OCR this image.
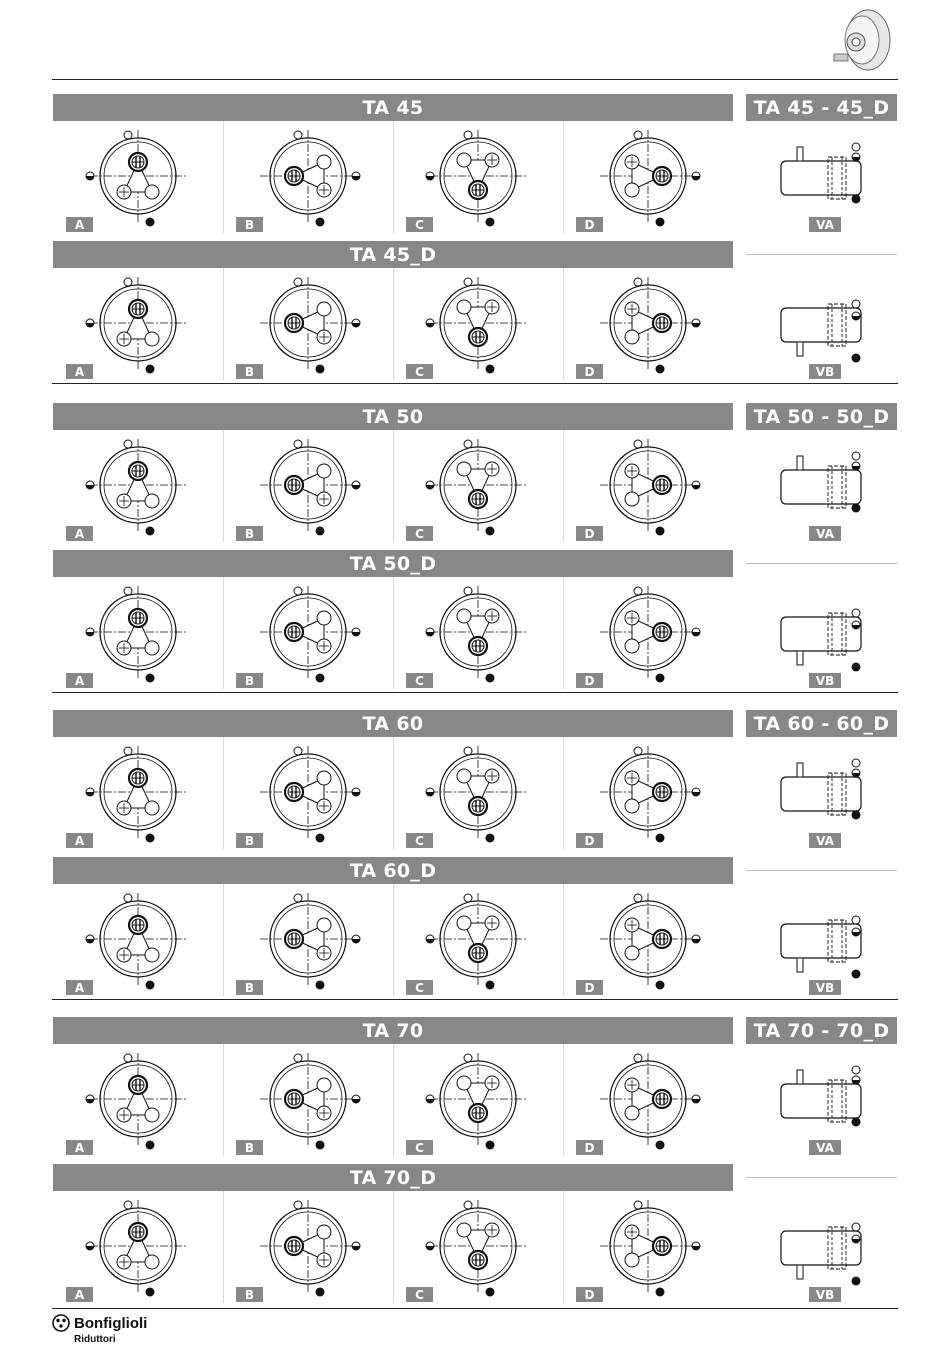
TA 45	TA 45 - 45_D
A	B	C	D	VA
TA 45_D
A	B	C	D	VB
TA 50	TA 50 - 50_D
A	B	C	D	VA
TA 50_D
A	B	C	D	VB
TA 60	TA 60 - 60_D
A	B	C	D	VA
TA 60_D
A	B	C	D	VB
TA 70	TA 70 - 70_D
A	B	C	D	VA
TA 70_D
A	B	C	D	VB
Bonfiglioli
Riduttori
